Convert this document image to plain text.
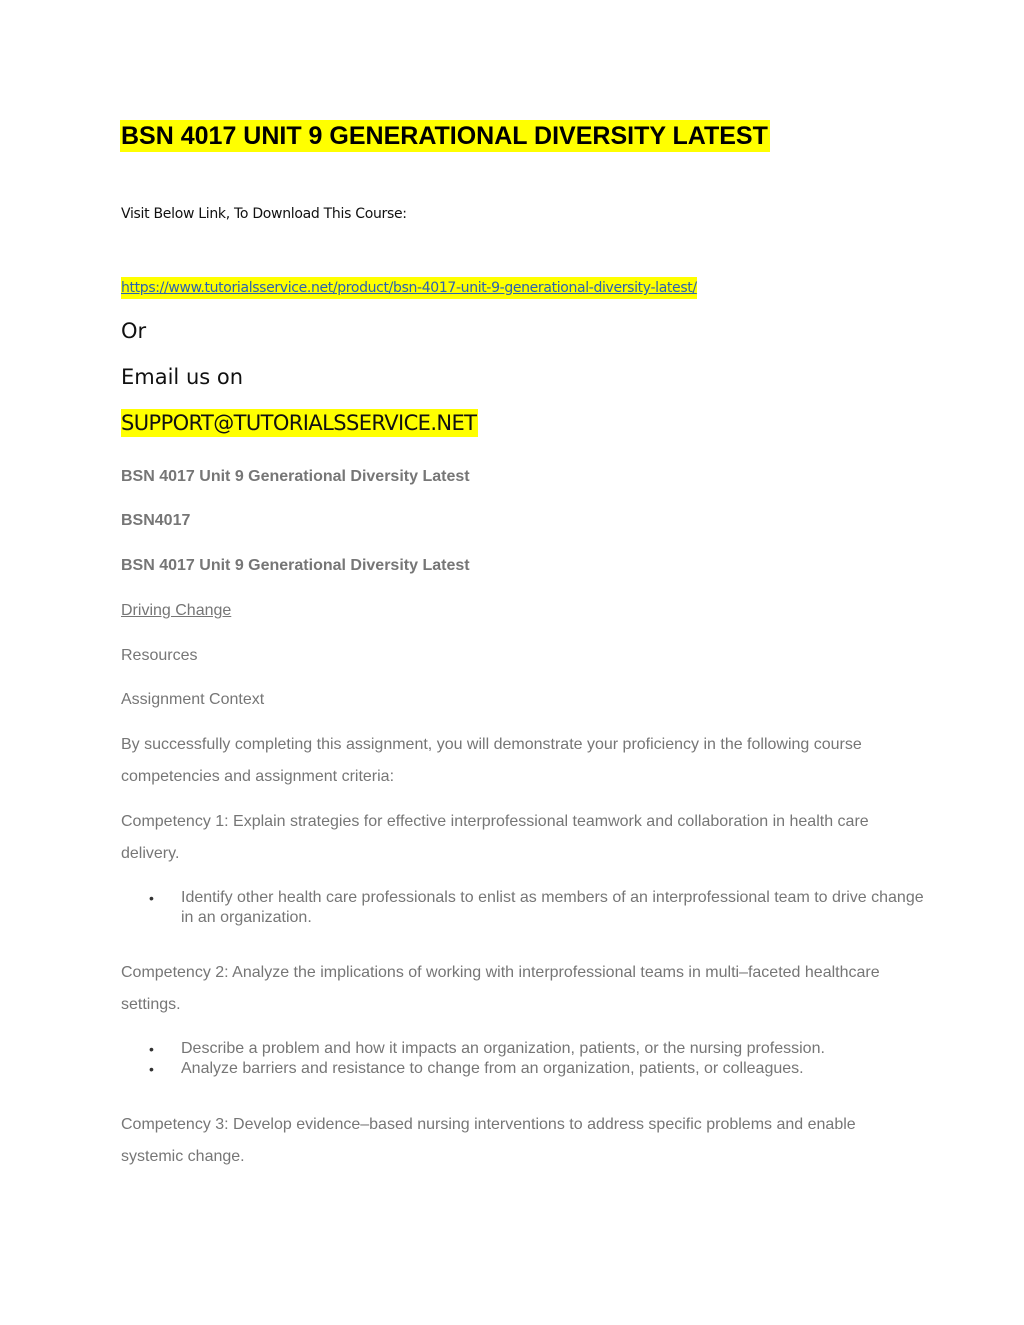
BSN 4017 UNIT 9 GENERATIONAL DIVERSITY LATEST

Visit Below Link, To Download This Course:

https://www.tutorialsservice.net/product/bsn-4017-unit-9-generational-diversity-latest/

Or

Email us on

SUPPORT@TUTORIALSSERVICE.NET

BSN 4017 Unit 9 Generational Diversity Latest

BSN4017

BSN 4017 Unit 9 Generational Diversity Latest

Driving Change

Resources

Assignment Context

By successfully completing this assignment, you will demonstrate your proficiency in the following course competencies and assignment criteria:

Competency 1: Explain strategies for effective interprofessional teamwork and collaboration in health care delivery.

• Identify other health care professionals to enlist as members of an interprofessional team to drive change in an organization.

Competency 2: Analyze the implications of working with interprofessional teams in multi–faceted healthcare settings.

• Describe a problem and how it impacts an organization, patients, or the nursing profession.
• Analyze barriers and resistance to change from an organization, patients, or colleagues.

Competency 3: Develop evidence–based nursing interventions to address specific problems and enable systemic change.
